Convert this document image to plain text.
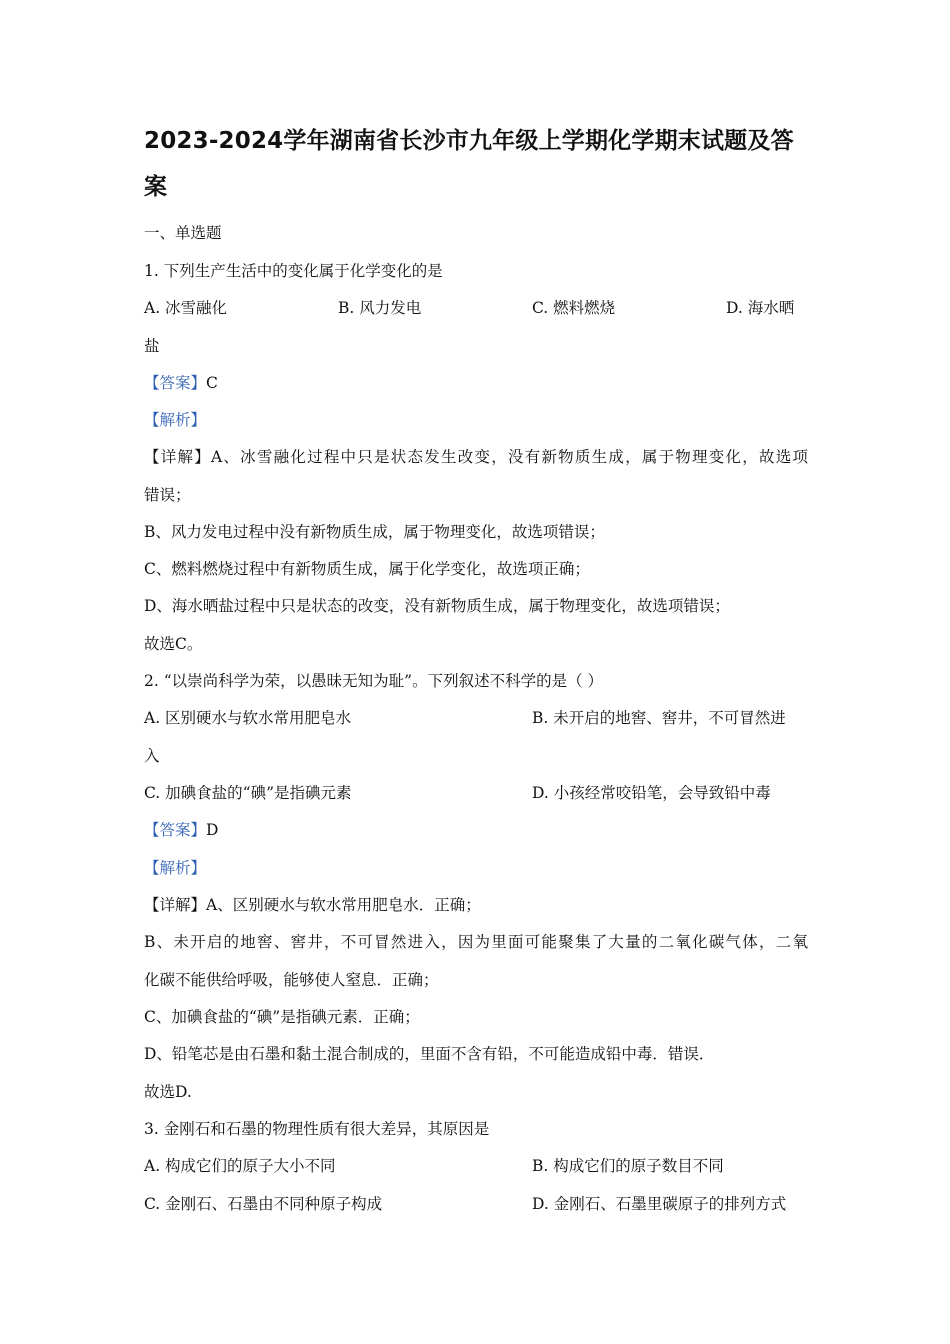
2023-2024学年湖南省长沙市九年级上学期化学期末试题及答案
一、单选题
1. 下列生产生活中的变化属于化学变化的是
A. 冰雪融化	B. 风力发电	C. 燃料燃烧	D. 海水晒
盐
【答案】C
【解析】
【详解】A、冰雪融化过程中只是状态发生改变，没有新物质生成，属于物理变化，故选项
错误；
B、风力发电过程中没有新物质生成，属于物理变化，故选项错误；
C、燃料燃烧过程中有新物质生成，属于化学变化，故选项正确；
D、海水晒盐过程中只是状态的改变，没有新物质生成，属于物理变化，故选项错误；
故选C。
2. “以崇尚科学为荣，以愚昧无知为耻”。下列叙述不科学的是（ ）
A. 区别硬水与软水常用肥皂水	B. 未开启的地窖、窖井，不可冒然进
入
C. 加碘食盐的“碘”是指碘元素	D. 小孩经常咬铅笔，会导致铅中毒
【答案】D
【解析】
【详解】A、区别硬水与软水常用肥皂水．正确；
B、未开启的地窖、窖井，不可冒然进入，因为里面可能聚集了大量的二氧化碳气体，二氧
化碳不能供给呼吸，能够使人窒息．正确；
C、加碘食盐的“碘”是指碘元素．正确；
D、铅笔芯是由石墨和黏土混合制成的，里面不含有铅，不可能造成铅中毒．错误．
故选D.
3. 金刚石和石墨的物理性质有很大差异，其原因是
A. 构成它们的原子大小不同	B. 构成它们的原子数目不同
C. 金刚石、石墨由不同种原子构成	D. 金刚石、石墨里碳原子的排列方式
